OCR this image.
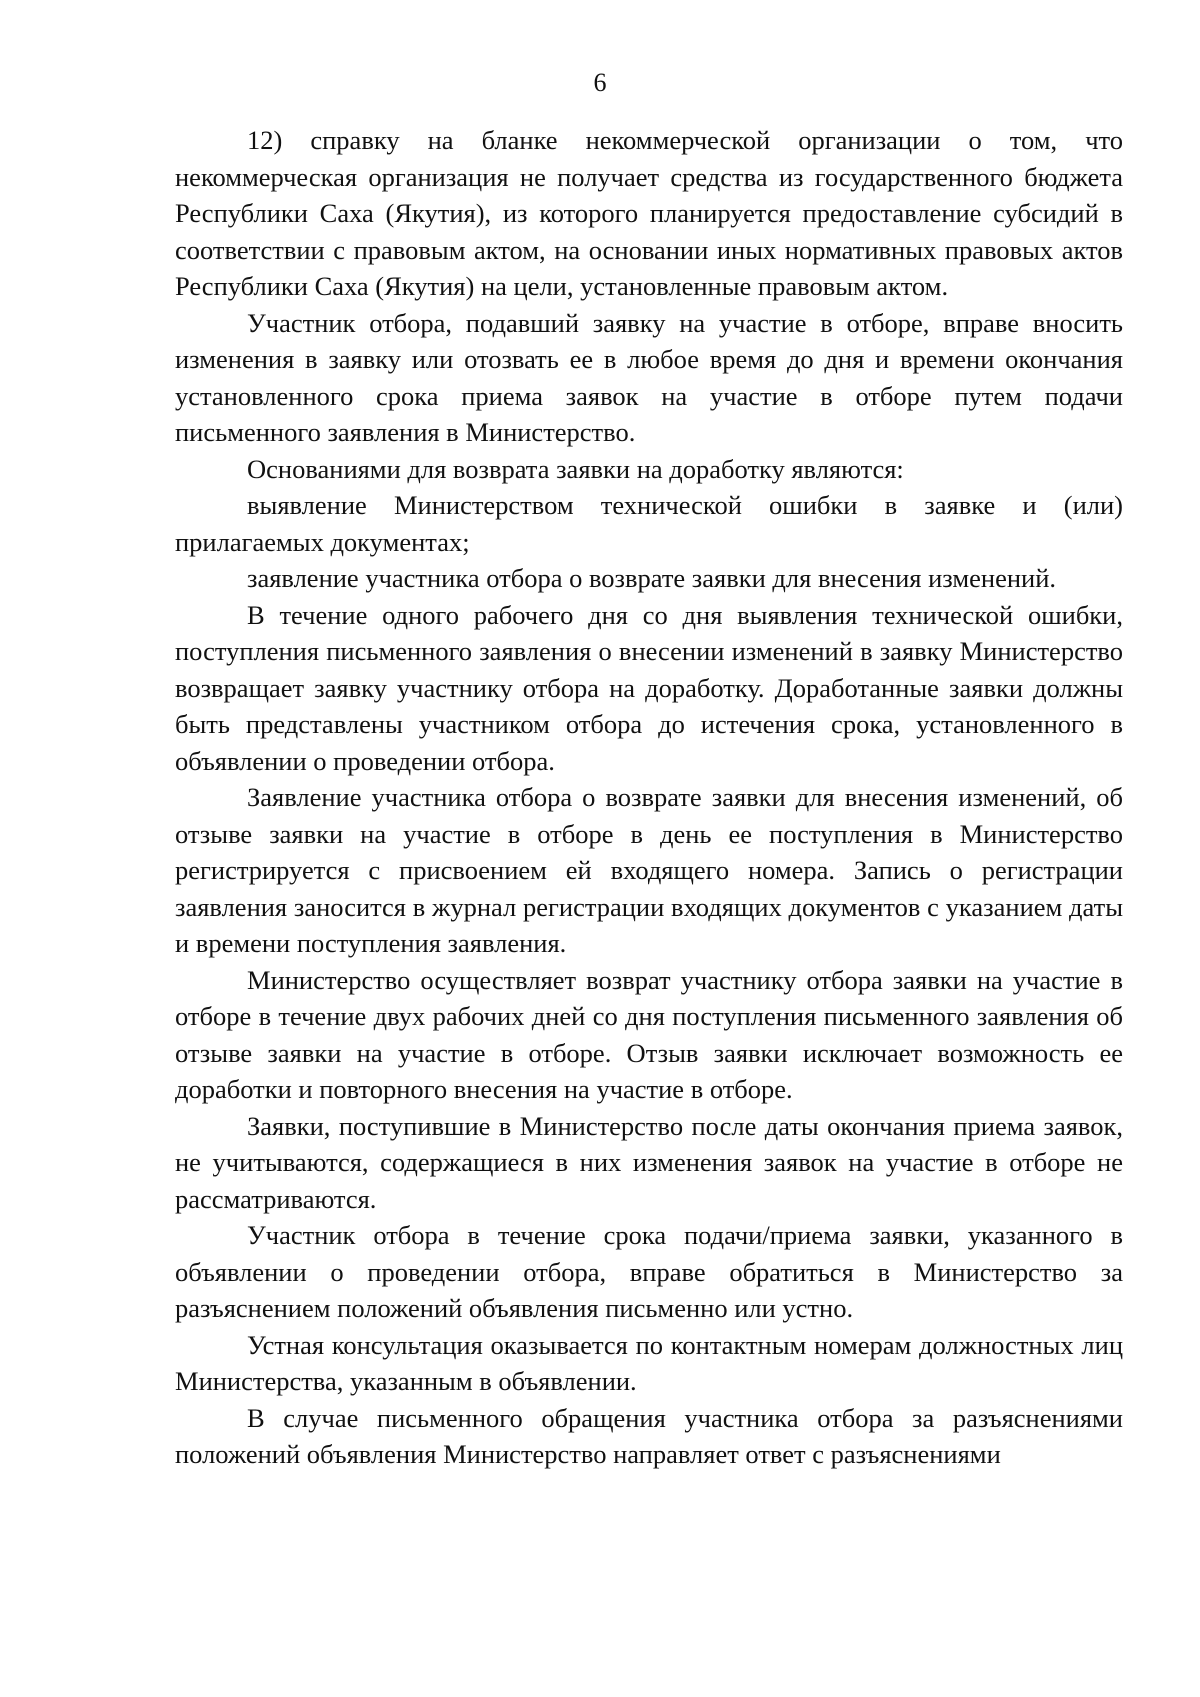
6

12) справку на бланке некоммерческой организации о том, что некоммерческая организация не получает средства из государственного бюджета Республики Саха (Якутия), из которого планируется предоставление субсидий в соответствии с правовым актом, на основании иных нормативных правовых актов Республики Саха (Якутия) на цели, установленные правовым актом.

Участник отбора, подавший заявку на участие в отборе, вправе вносить изменения в заявку или отозвать ее в любое время до дня и времени окончания установленного срока приема заявок на участие в отборе путем подачи письменного заявления в Министерство.

Основаниями для возврата заявки на доработку являются:

выявление Министерством технической ошибки в заявке и (или) прилагаемых документах;

заявление участника отбора о возврате заявки для внесения изменений.

В течение одного рабочего дня со дня выявления технической ошибки, поступления письменного заявления о внесении изменений в заявку Министерство возвращает заявку участнику отбора на доработку. Доработанные заявки должны быть представлены участником отбора до истечения срока, установленного в объявлении о проведении отбора.

Заявление участника отбора о возврате заявки для внесения изменений, об отзыве заявки на участие в отборе в день ее поступления в Министерство регистрируется с присвоением ей входящего номера. Запись о регистрации заявления заносится в журнал регистрации входящих документов с указанием даты и времени поступления заявления.

Министерство осуществляет возврат участнику отбора заявки на участие в отборе в течение двух рабочих дней со дня поступления письменного заявления об отзыве заявки на участие в отборе. Отзыв заявки исключает возможность ее доработки и повторного внесения на участие в отборе.

Заявки, поступившие в Министерство после даты окончания приема заявок, не учитываются, содержащиеся в них изменения заявок на участие в отборе не рассматриваются.

Участник отбора в течение срока подачи/приема заявки, указанного в объявлении о проведении отбора, вправе обратиться в Министерство за разъяснением положений объявления письменно или устно.

Устная консультация оказывается по контактным номерам должностных лиц Министерства, указанным в объявлении.

В случае письменного обращения участника отбора за разъяснениями положений объявления Министерство направляет ответ с разъяснениями
